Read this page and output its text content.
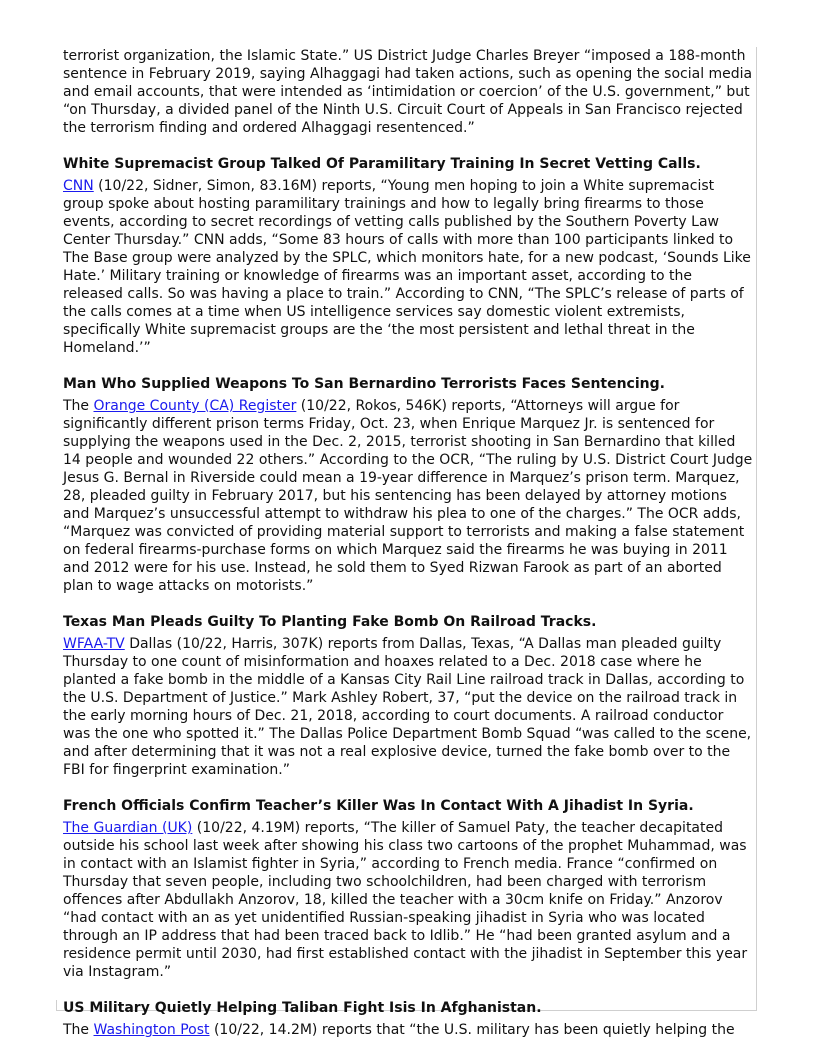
terrorist organization, the Islamic State.” US District Judge Charles Breyer “imposed a 188-month sentence in February 2019, saying Alhaggagi had taken actions, such as opening the social media and email accounts, that were intended as ‘intimidation or coercion’ of the U.S. government,” but “on Thursday, a divided panel of the Ninth U.S. Circuit Court of Appeals in San Francisco rejected the terrorism finding and ordered Alhaggagi resentenced.”

White Supremacist Group Talked Of Paramilitary Training In Secret Vetting Calls.

CNN (10/22, Sidner, Simon, 83.16M) reports, “Young men hoping to join a White supremacist group spoke about hosting paramilitary trainings and how to legally bring firearms to those events, according to secret recordings of vetting calls published by the Southern Poverty Law Center Thursday.” CNN adds, “Some 83 hours of calls with more than 100 participants linked to The Base group were analyzed by the SPLC, which monitors hate, for a new podcast, ‘Sounds Like Hate.’ Military training or knowledge of firearms was an important asset, according to the released calls. So was having a place to train.” According to CNN, “The SPLC’s release of parts of the calls comes at a time when US intelligence services say domestic violent extremists, specifically White supremacist groups are the ‘the most persistent and lethal threat in the Homeland.’”

Man Who Supplied Weapons To San Bernardino Terrorists Faces Sentencing.

The Orange County (CA) Register (10/22, Rokos, 546K) reports, “Attorneys will argue for significantly different prison terms Friday, Oct. 23, when Enrique Marquez Jr. is sentenced for supplying the weapons used in the Dec. 2, 2015, terrorist shooting in San Bernardino that killed 14 people and wounded 22 others.” According to the OCR, “The ruling by U.S. District Court Judge Jesus G. Bernal in Riverside could mean a 19-year difference in Marquez’s prison term. Marquez, 28, pleaded guilty in February 2017, but his sentencing has been delayed by attorney motions and Marquez’s unsuccessful attempt to withdraw his plea to one of the charges.” The OCR adds, “Marquez was convicted of providing material support to terrorists and making a false statement on federal firearms-purchase forms on which Marquez said the firearms he was buying in 2011 and 2012 were for his use. Instead, he sold them to Syed Rizwan Farook as part of an aborted plan to wage attacks on motorists.”

Texas Man Pleads Guilty To Planting Fake Bomb On Railroad Tracks.

WFAA-TV Dallas (10/22, Harris, 307K) reports from Dallas, Texas, “A Dallas man pleaded guilty Thursday to one count of misinformation and hoaxes related to a Dec. 2018 case where he planted a fake bomb in the middle of a Kansas City Rail Line railroad track in Dallas, according to the U.S. Department of Justice.” Mark Ashley Robert, 37, “put the device on the railroad track in the early morning hours of Dec. 21, 2018, according to court documents. A railroad conductor was the one who spotted it.” The Dallas Police Department Bomb Squad “was called to the scene, and after determining that it was not a real explosive device, turned the fake bomb over to the FBI for fingerprint examination.”

French Officials Confirm Teacher’s Killer Was In Contact With A Jihadist In Syria.

The Guardian (UK) (10/22, 4.19M) reports, “The killer of Samuel Paty, the teacher decapitated outside his school last week after showing his class two cartoons of the prophet Muhammad, was in contact with an Islamist fighter in Syria,” according to French media. France “confirmed on Thursday that seven people, including two schoolchildren, had been charged with terrorism offences after Abdullakh Anzorov, 18, killed the teacher with a 30cm knife on Friday.” Anzorov “had contact with an as yet unidentified Russian-speaking jihadist in Syria who was located through an IP address that had been traced back to Idlib.” He “had been granted asylum and a residence permit until 2030, had first established contact with the jihadist in September this year via Instagram.”

US Military Quietly Helping Taliban Fight Isis In Afghanistan.

The Washington Post (10/22, 14.2M) reports that “the U.S. military has been quietly helping the
